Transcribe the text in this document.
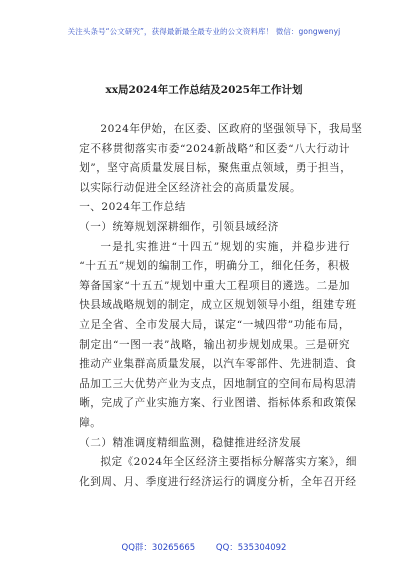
关注头条号“公文研究”，获得最新最全最专业的公文资料库！ 微信：gongwenyj
xx局2024年工作总结及2025年工作计划
2024年伊始，在区委、区政府的坚强领导下，我局坚
定不移贯彻落实市委“2024新战略”和区委“八大行动计
划”，坚守高质量发展目标，聚焦重点领域，勇于担当，
以实际行动促进全区经济社会的高质量发展。
一、2024年工作总结
（一）统筹规划深耕细作，引领县域经济
一是扎实推进“十四五”规划的实施，并稳步进行
“十五五”规划的编制工作，明确分工，细化任务，积极
筹备国家“十五五”规划中重大工程项目的遴选。二是加
快县域战略规划的制定，成立区规划领导小组，组建专班
立足全省、全市发展大局，谋定“一城四带”功能布局，
制定出“一图一表”战略，输出初步规划成果。三是研究
推动产业集群高质量发展，以汽车零部件、先进制造、食
品加工三大优势产业为支点，因地制宜的空间布局构思清
晰，完成了产业实施方案、行业图谱、指标体系和政策保
障。
（二）精准调度精细监测，稳健推进经济发展
拟定《2024年全区经济主要指标分解落实方案》，细
化到周、月、季度进行经济运行的调度分析，全年召开经
QQ群：30265665 QQ：535304092
